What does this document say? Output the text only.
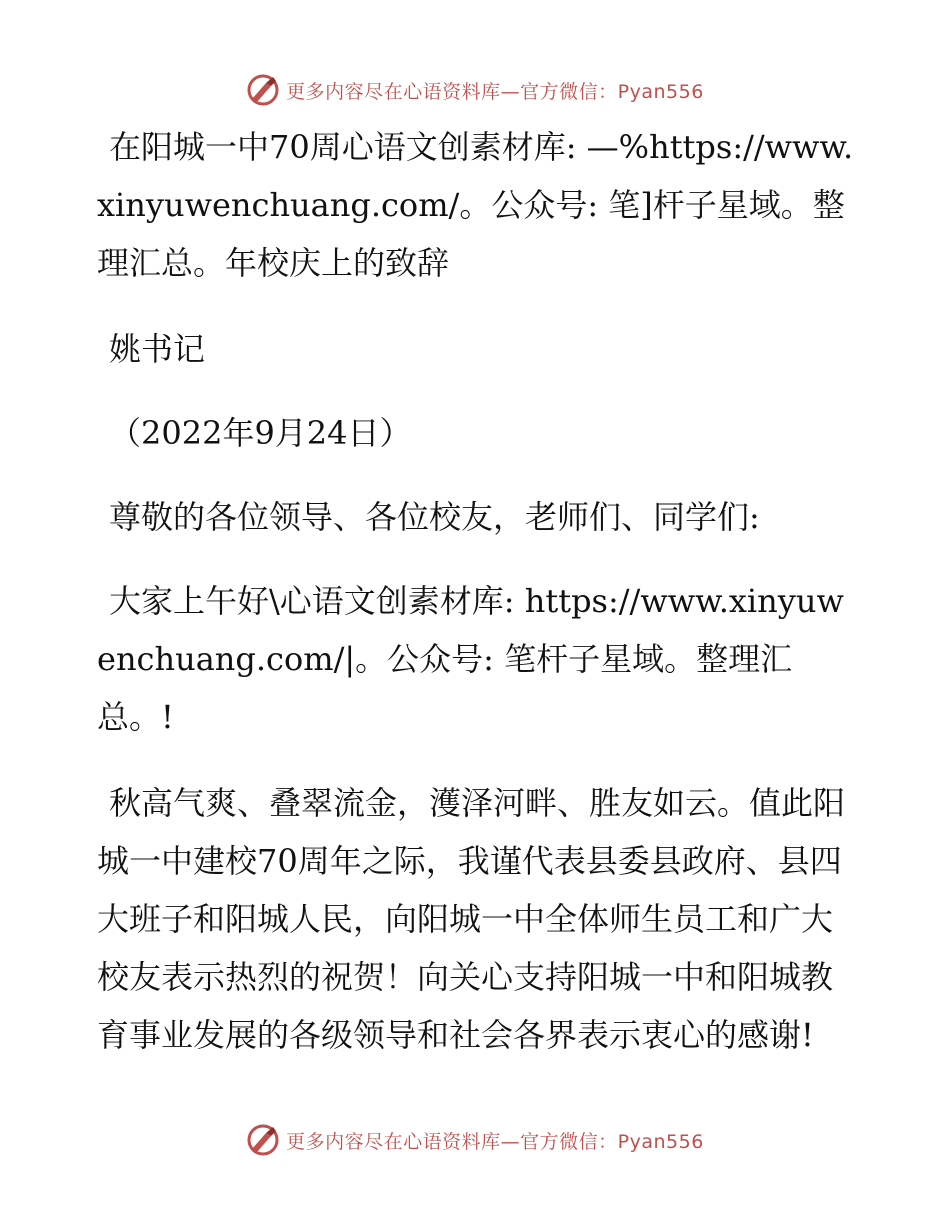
更多内容尽在心语资料库—官方微信：Pyan556

在阳城一中70周心语文创素材库: —%https://www.xinyuwenchuang.com/。公众号: 笔]杆子星域。整理汇总。年校庆上的致辞

姚书记

（2022年9月24日）

尊敬的各位领导、各位校友，老师们、同学们:

大家上午好\心语文创素材库: https://www.xinyuwenchuang.com/|。公众号: 笔杆子星域。整理汇总。!

秋高气爽、叠翠流金，濩泽河畔、胜友如云。值此阳城一中建校70周年之际，我谨代表县委县政府、县四大班子和阳城人民，向阳城一中全体师生员工和广大校友表示热烈的祝贺！向关心支持阳城一中和阳城教育事业发展的各级领导和社会各界表示衷心的感谢!

更多内容尽在心语资料库—官方微信：Pyan556
